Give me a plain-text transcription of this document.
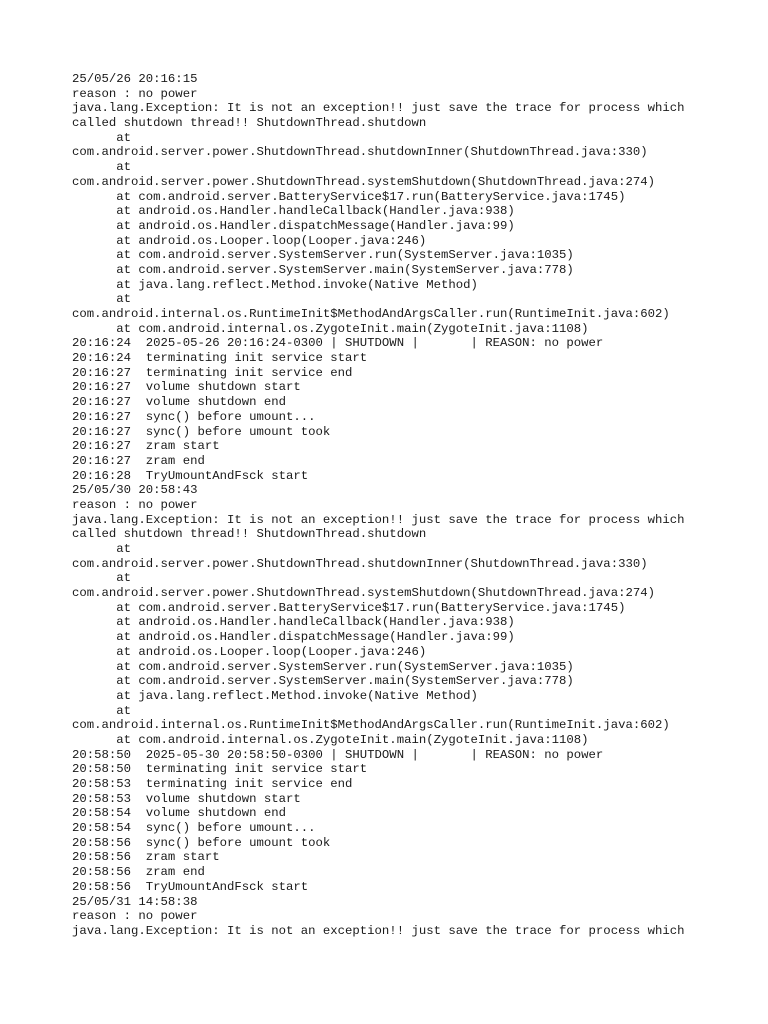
25/05/26 20:16:15
reason : no power
java.lang.Exception: It is not an exception!! just save the trace for process which
called shutdown thread!! ShutdownThread.shutdown
at
com.android.server.power.ShutdownThread.shutdownInner(ShutdownThread.java:330)
at
com.android.server.power.ShutdownThread.systemShutdown(ShutdownThread.java:274)
at com.android.server.BatteryService$17.run(BatteryService.java:1745)
at android.os.Handler.handleCallback(Handler.java:938)
at android.os.Handler.dispatchMessage(Handler.java:99)
at android.os.Looper.loop(Looper.java:246)
at com.android.server.SystemServer.run(SystemServer.java:1035)
at com.android.server.SystemServer.main(SystemServer.java:778)
at java.lang.reflect.Method.invoke(Native Method)
at
com.android.internal.os.RuntimeInit$MethodAndArgsCaller.run(RuntimeInit.java:602)
at com.android.internal.os.ZygoteInit.main(ZygoteInit.java:1108)
20:16:24  2025-05-26 20:16:24-0300 | SHUTDOWN |       | REASON: no power
20:16:24  terminating init service start
20:16:27  terminating init service end
20:16:27  volume shutdown start
20:16:27  volume shutdown end
20:16:27  sync() before umount...
20:16:27  sync() before umount took
20:16:27  zram start
20:16:27  zram end
20:16:28  TryUmountAndFsck start
25/05/30 20:58:43
reason : no power
java.lang.Exception: It is not an exception!! just save the trace for process which
called shutdown thread!! ShutdownThread.shutdown
at
com.android.server.power.ShutdownThread.shutdownInner(ShutdownThread.java:330)
at
com.android.server.power.ShutdownThread.systemShutdown(ShutdownThread.java:274)
at com.android.server.BatteryService$17.run(BatteryService.java:1745)
at android.os.Handler.handleCallback(Handler.java:938)
at android.os.Handler.dispatchMessage(Handler.java:99)
at android.os.Looper.loop(Looper.java:246)
at com.android.server.SystemServer.run(SystemServer.java:1035)
at com.android.server.SystemServer.main(SystemServer.java:778)
at java.lang.reflect.Method.invoke(Native Method)
at
com.android.internal.os.RuntimeInit$MethodAndArgsCaller.run(RuntimeInit.java:602)
at com.android.internal.os.ZygoteInit.main(ZygoteInit.java:1108)
20:58:50  2025-05-30 20:58:50-0300 | SHUTDOWN |       | REASON: no power
20:58:50  terminating init service start
20:58:53  terminating init service end
20:58:53  volume shutdown start
20:58:54  volume shutdown end
20:58:54  sync() before umount...
20:58:56  sync() before umount took
20:58:56  zram start
20:58:56  zram end
20:58:56  TryUmountAndFsck start
25/05/31 14:58:38
reason : no power
java.lang.Exception: It is not an exception!! just save the trace for process which
